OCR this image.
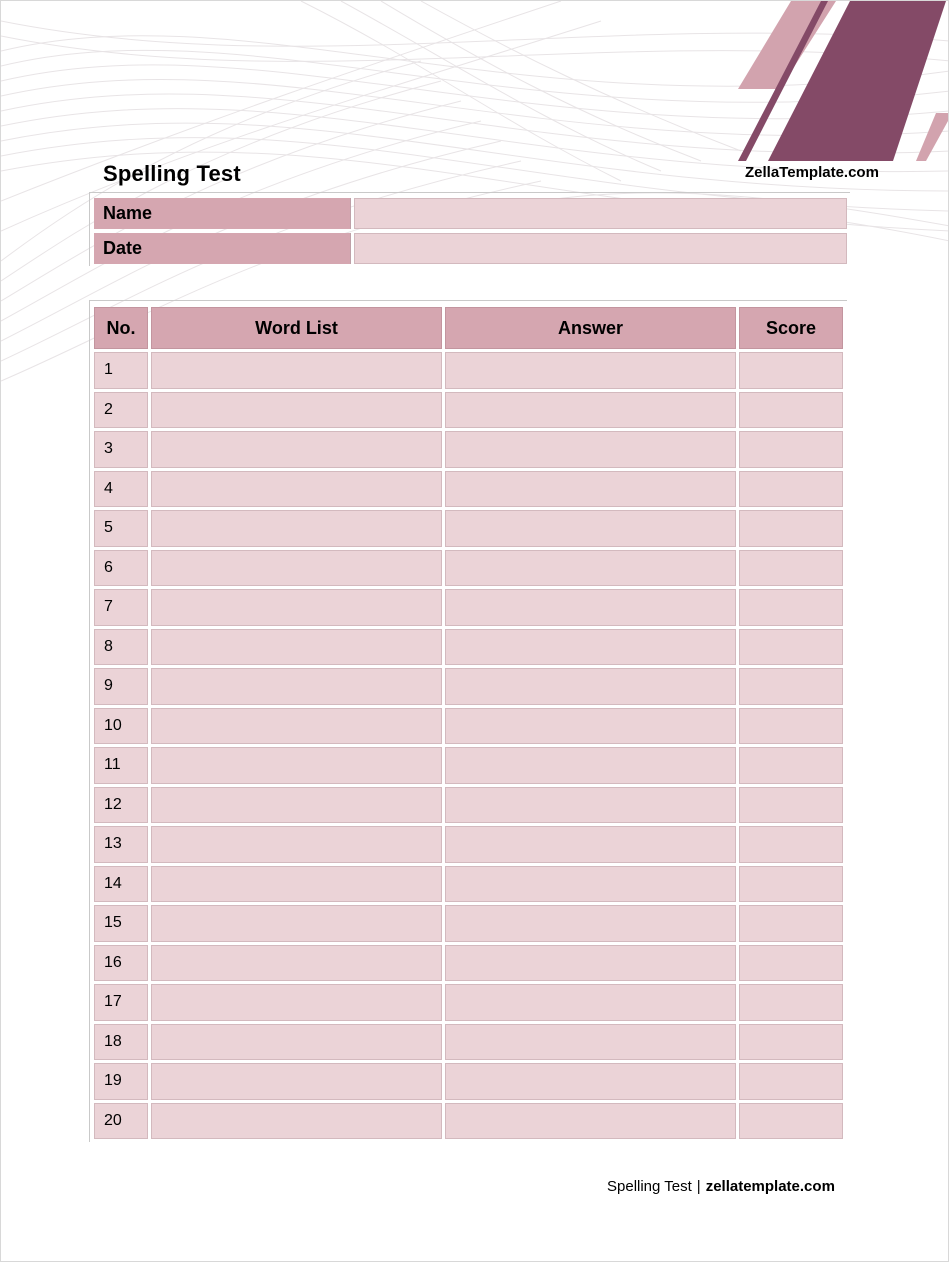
Spelling Test	ZellaTemplate.com
Name
Date
No.	Word List	Answer	Score
1			
2			
3			
4			
5			
6			
7			
8			
9			
10			
11			
12			
13			
14			
15			
16			
17			
18			
19			
20			
Spelling Test | zellatemplate.com
